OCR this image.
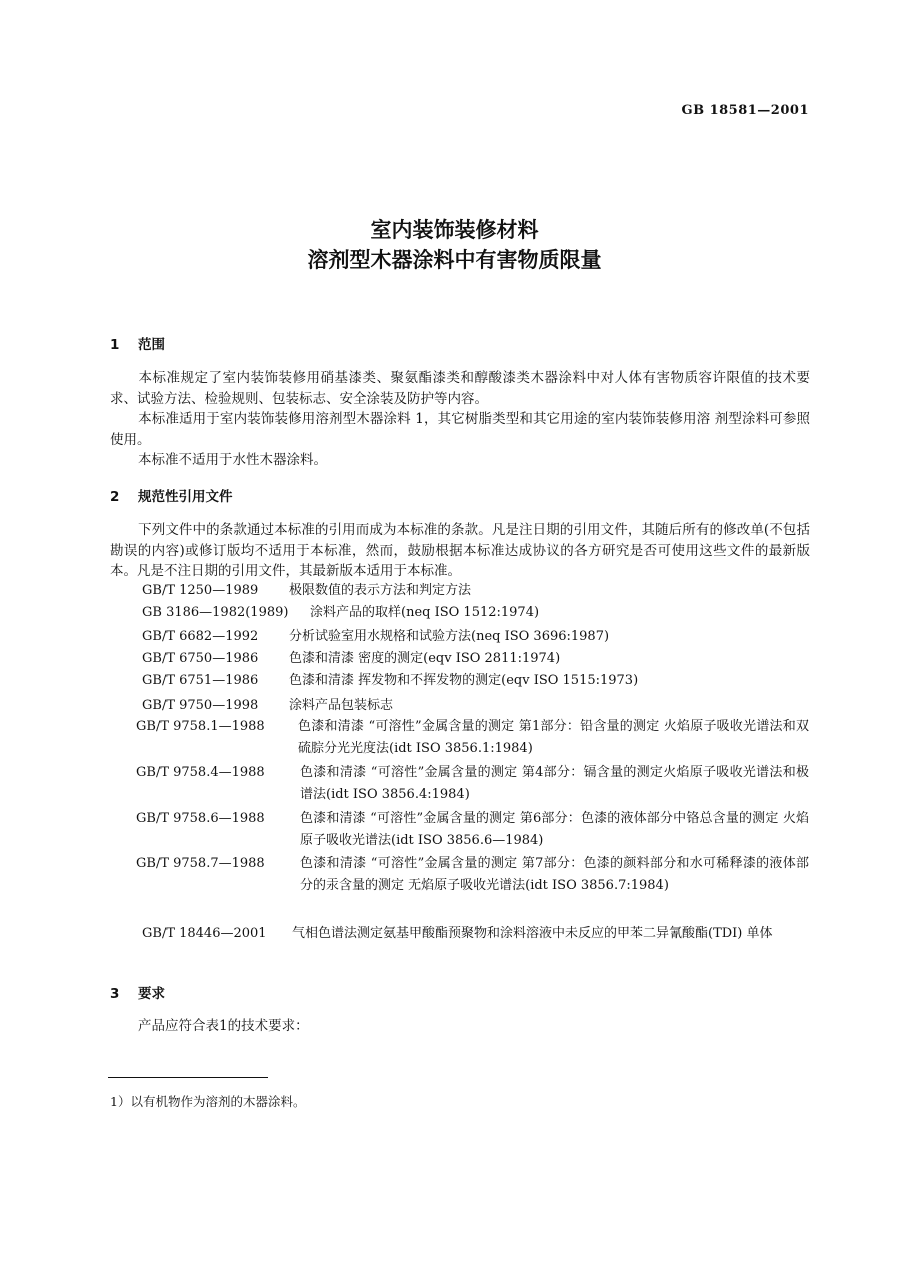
GB 18581—2001
室内装饰装修材料
溶剂型木器涂料中有害物质限量
1 范围
本标准规定了室内装饰装修用硝基漆类、聚氨酯漆类和醇酸漆类木器涂料中对人体有害物质容许限值的技术要求、试验方法、检验规则、包装标志、安全涂装及防护等内容。
本标准适用于室内装饰装修用溶剂型木器涂料 1，其它树脂类型和其它用途的室内装饰装修用溶 剂型涂料可参照使用。
本标准不适用于水性木器涂料。
2 规范性引用文件
下列文件中的条款通过本标准的引用而成为本标准的条款。凡是注日期的引用文件，其随后所有的修改单(不包括勘误的内容)或修订版均不适用于本标准，然而，鼓励根据本标准达成协议的各方研究是否可使用这些文件的最新版本。凡是不注日期的引用文件，其最新版本适用于本标准。
GB/T 1250—1989 极限数值的表示方法和判定方法
GB 3186—1982(1989) 涂料产品的取样(neq ISO 1512:1974)
GB/T 6682—1992 分析试验室用水规格和试验方法(neq ISO 3696:1987)
GB/T 6750—1986 色漆和清漆 密度的测定(eqv ISO 2811:1974)
GB/T 6751—1986 色漆和清漆 挥发物和不挥发物的测定(eqv ISO 1515:1973)
GB/T 9750—1998 涂料产品包装标志
GB/T 9758.1—1988	色漆和清漆 “可溶性”金属含量的测定 第1部分：铅含量的测定 火焰原子吸收光谱法和双硫腙分光光度法(idt ISO 3856.1:1984)
GB/T 9758.4—1988	色漆和清漆 “可溶性”金属含量的测定 第4部分：镉含量的测定火焰原子吸收光谱法和极谱法(idt ISO 3856.4:1984)
GB/T 9758.6—1988	色漆和清漆 “可溶性”金属含量的测定 第6部分：色漆的液体部分中铬总含量的测定 火焰原子吸收光谱法(idt ISO 3856.6—1984)
GB/T 9758.7—1988	色漆和清漆 “可溶性”金属含量的测定 第7部分：色漆的颜料部分和水可稀释漆的液体部分的汞含量的测定 无焰原子吸收光谱法(idt ISO 3856.7:1984)
GB/T 18446—2001 气相色谱法测定氨基甲酸酯预聚物和涂料溶液中未反应的甲苯二异氰酸酯(TDI) 单体
3 要求
产品应符合表1的技术要求：
1）以有机物作为溶剂的木器涂料。
